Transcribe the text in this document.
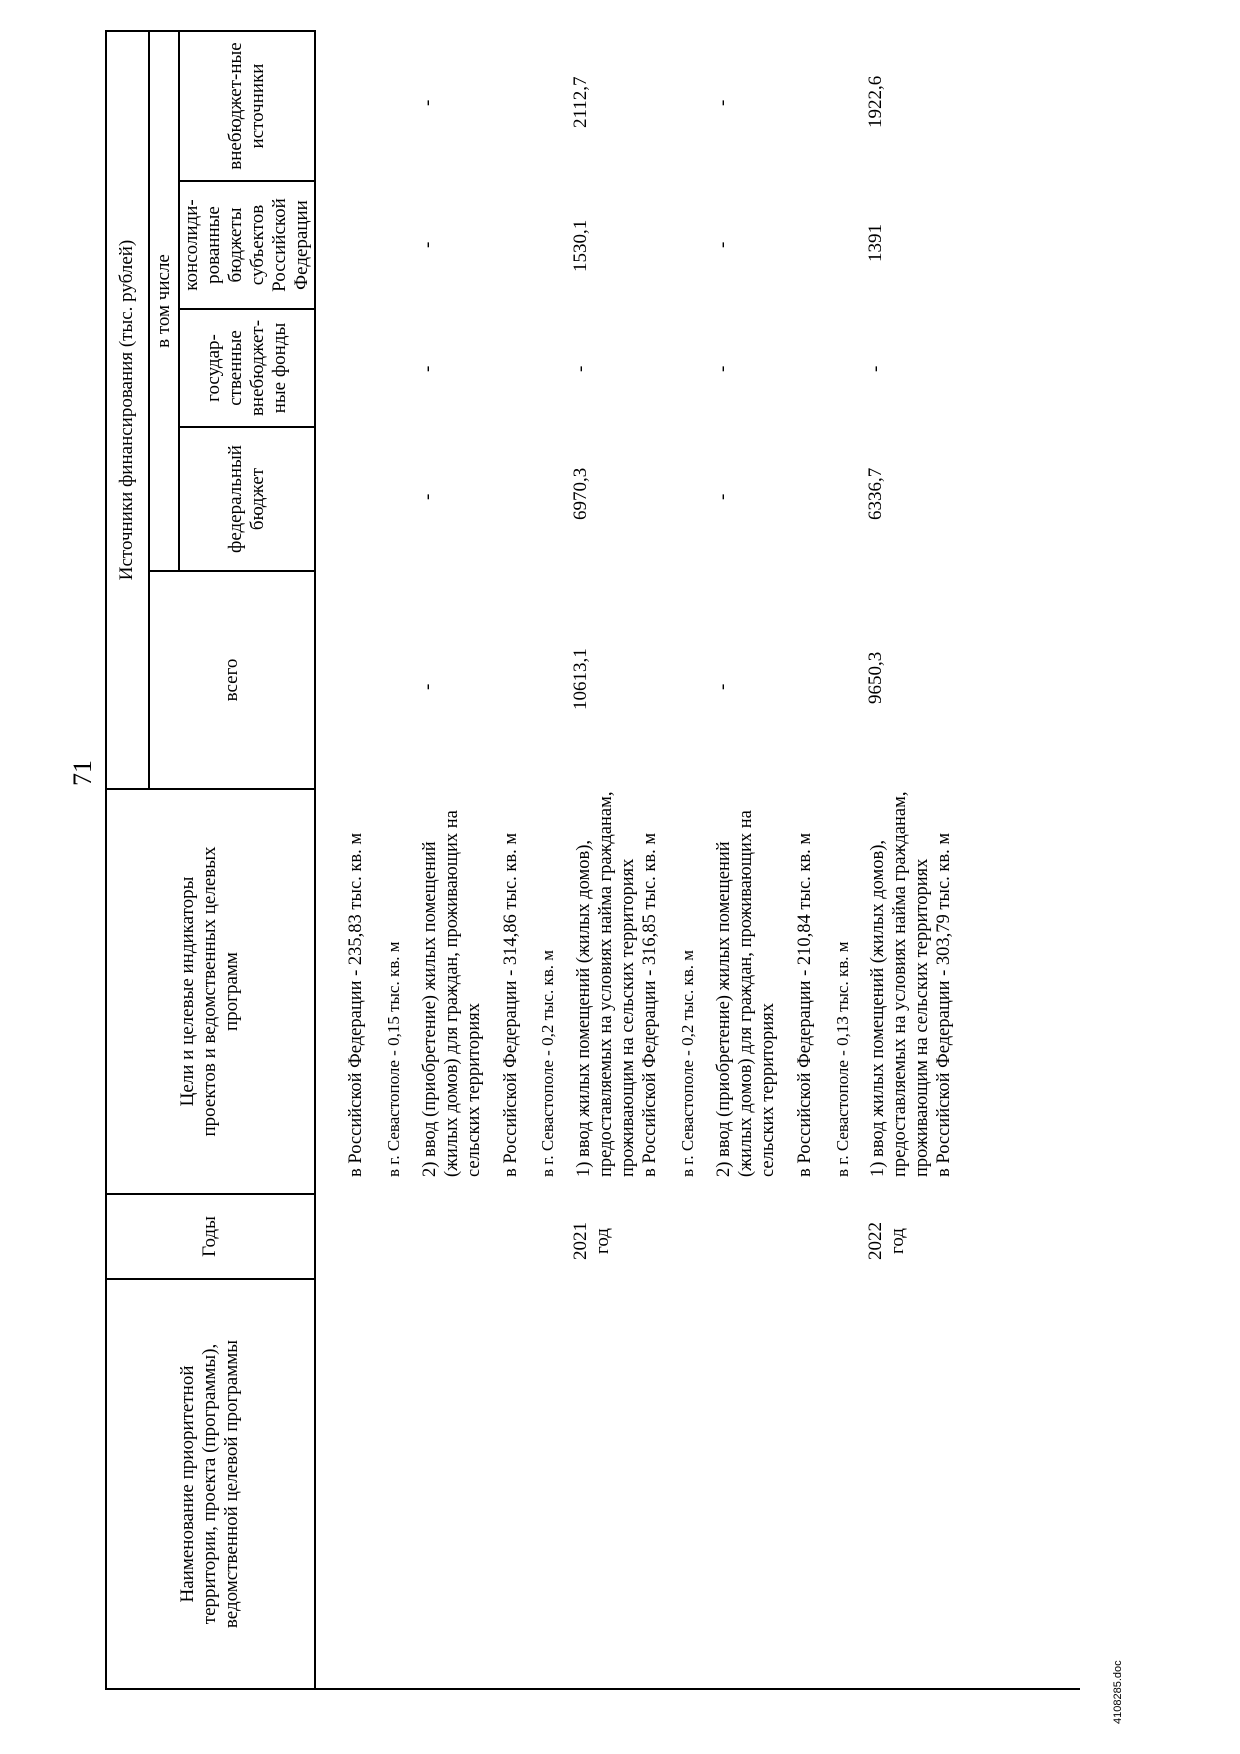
71
Наименование приоритетной территории, проекта (программы), ведомственной целевой программы
Годы
Цели и целевые индикаторы проектов и ведомственных целевых программ
Источники финансирования (тыс. рублей)
всего
в том числе
федеральный бюджет
государ-ственные внебюджет-ные фонды
консолиди-рованные бюджеты субъектов Российской Федерации
внебюджет-ные источники
в Российской Федерации - 235,83 тыс. кв. м в г. Севастополе - 0,15 тыс. кв. м 2) ввод (приобретение) жилых помещений (жилых домов) для граждан, проживающих на сельских территориях в Российской Федерации - 314,86 тыс. кв. м в г. Севастополе - 0,2 тыс. кв. м 1) ввод жилых помещений (жилых домов), предоставляемых на условиях найма гражданам, проживающим на сельских территориях в Российской Федерации - 316,85 тыс. кв. м в г. Севастополе - 0,2 тыс. кв. м 2) ввод (приобретение) жилых помещений (жилых домов) для граждан, проживающих на сельских территориях в Российской Федерации - 210,84 тыс. кв. м в г. Севастополе - 0,13 тыс. кв. м 1) ввод жилых помещений (жилых домов), предоставляемых на условиях найма гражданам, проживающим на сельских территориях в Российской Федерации - 303,79 тыс. кв. м
2021 год	2022 год
-
-
-
-
-
10613,1
6970,3
-
1530,1
2112,7
-
-
-
-
-
9650,3
6336,7
-
1391
1922,6
4108285.doc
